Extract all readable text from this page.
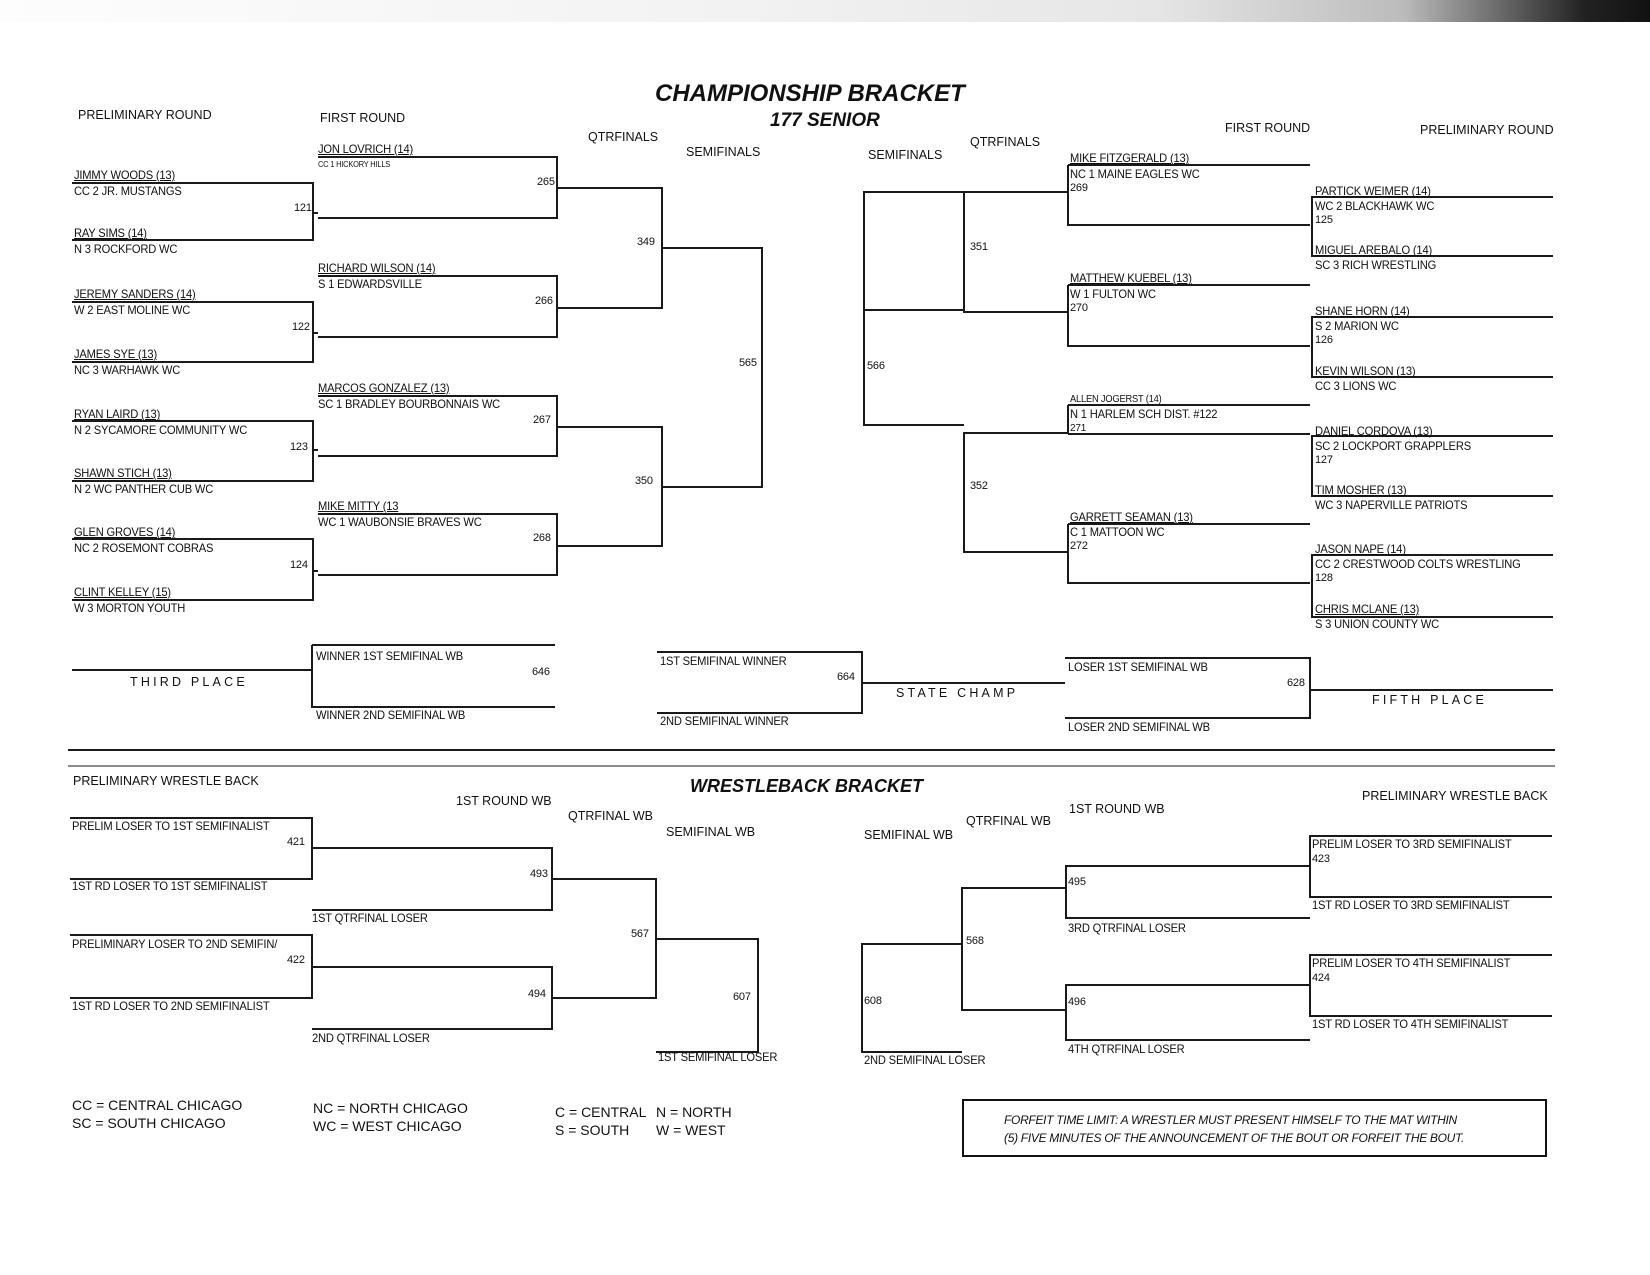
CHAMPIONSHIP BRACKET
177 SENIOR
WRESTLEBACK BRACKET
PRELIMINARY ROUND	FIRST ROUND
QTRFINALS
SEMIFINALS	SEMIFINALS
QTRFINALS
FIRST ROUND	PRELIMINARY ROUND
JIMMY WOODS (13)
CC 2 JR. MUSTANGS
RAY SIMS (14)
N 3 ROCKFORD WC
JEREMY SANDERS (14)
W 2 EAST MOLINE WC
JAMES SYE (13)
NC 3 WARHAWK WC
RYAN LAIRD (13)
N 2 SYCAMORE COMMUNITY WC
SHAWN STICH (13)
N 2 WC PANTHER CUB WC
GLEN GROVES (14)
NC 2 ROSEMONT COBRAS
CLINT KELLEY (15)
W 3 MORTON YOUTH
121
122
123
124
JON LOVRICH (14)
CC 1 HICKORY HILLS
RICHARD WILSON (14)
S 1 EDWARDSVILLE
MARCOS GONZALEZ (13)
SC 1 BRADLEY BOURBONNAIS WC
MIKE MITTY (13
WC 1 WAUBONSIE BRAVES WC
265
266
267
268
349
350
565	566
351
352
MIKE FITZGERALD (13)
NC 1 MAINE EAGLES WC
269
MATTHEW KUEBEL (13)
W 1 FULTON WC
270
ALLEN JOGERST (14)
N 1 HARLEM SCH DIST. #122
271
GARRETT SEAMAN (13)
C 1 MATTOON WC
272
PARTICK WEIMER (14)
WC 2 BLACKHAWK WC
125
MIGUEL AREBALO (14)
SC 3 RICH WRESTLING
SHANE HORN (14)
S 2 MARION WC
126
KEVIN WILSON (13)
CC 3 LIONS WC
DANIEL CORDOVA (13)
SC 2 LOCKPORT GRAPPLERS
127
TIM MOSHER (13)
WC 3 NAPERVILLE PATRIOTS
JASON NAPE (14)
CC 2 CRESTWOOD COLTS WRESTLING
128
CHRIS MCLANE (13)
S 3 UNION COUNTY WC
THIRD PLACE
WINNER 1ST SEMIFINAL WB
646
WINNER 2ND SEMIFINAL WB
1ST SEMIFINAL WINNER
664
STATE CHAMP
2ND SEMIFINAL WINNER
LOSER 1ST SEMIFINAL WB
628
FIFTH PLACE
LOSER 2ND SEMIFINAL WB
PRELIMINARY WRESTLE BACK
1ST ROUND WB
QTRFINAL WB
SEMIFINAL WB	SEMIFINAL WB
QTRFINAL WB
1ST ROUND WB
PRELIMINARY WRESTLE BACK
PRELIM LOSER TO 1ST SEMIFINALIST
421
1ST RD LOSER TO 1ST SEMIFINALIST
PRELIMINARY LOSER TO 2ND SEMIFIN/
422
1ST RD LOSER TO 2ND SEMIFINALIST
493
494
1ST QTRFINAL LOSER
2ND QTRFINAL LOSER
567
607
1ST SEMIFINAL LOSER
PRELIM LOSER TO 3RD SEMIFINALIST
423
1ST RD LOSER TO 3RD SEMIFINALIST
PRELIM LOSER TO 4TH SEMIFINALIST
424
1ST RD LOSER TO 4TH SEMIFINALIST
495
496
3RD QTRFINAL LOSER
4TH QTRFINAL LOSER
568
608
2ND SEMIFINAL LOSER
CC = CENTRAL CHICAGO
SC = SOUTH CHICAGO
NC = NORTH CHICAGO
WC = WEST CHICAGO
C = CENTRAL
S = SOUTH
N = NORTH
W = WEST
FORFEIT TIME LIMIT: A WRESTLER MUST PRESENT HIMSELF TO THE MAT WITHIN
(5) FIVE MINUTES OF THE ANNOUNCEMENT OF THE BOUT OR FORFEIT THE BOUT.
